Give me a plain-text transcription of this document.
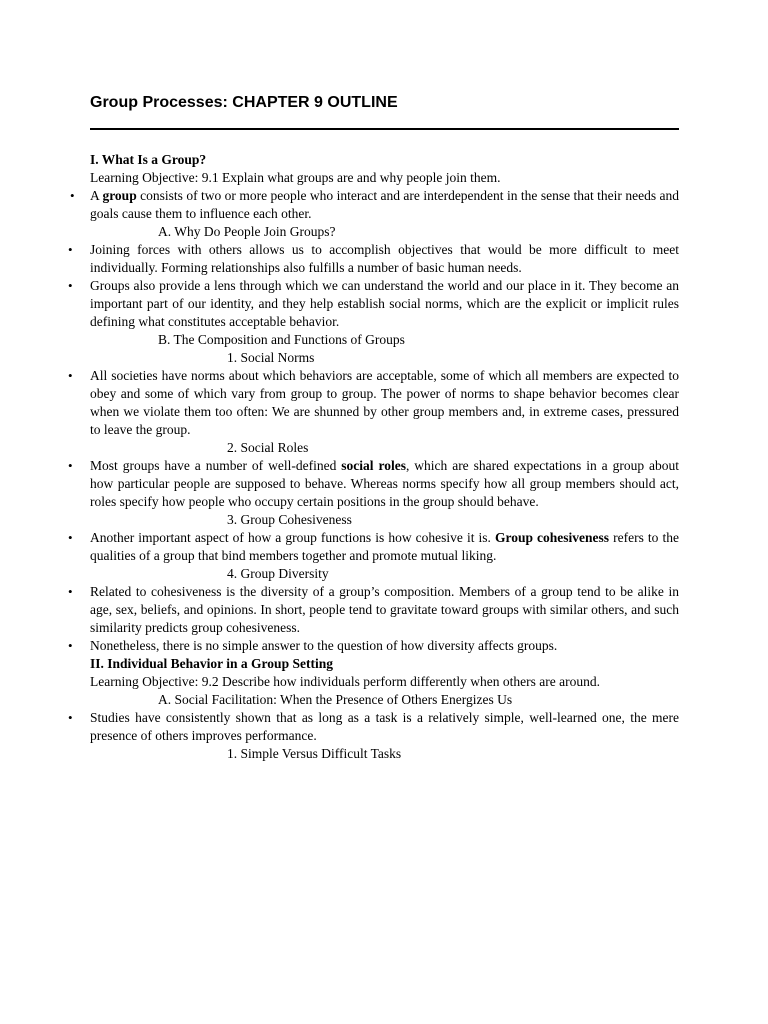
Group Processes: CHAPTER 9 OUTLINE

I. What Is a Group?

Learning Objective: 9.1 Explain what groups are and why people join them.

• A group consists of two or more people who interact and are interdependent in the sense that their needs and goals cause them to influence each other.

A. Why Do People Join Groups?

• Joining forces with others allows us to accomplish objectives that would be more difficult to meet individually. Forming relationships also fulfills a number of basic human needs.

• Groups also provide a lens through which we can understand the world and our place in it. They become an important part of our identity, and they help establish social norms, which are the explicit or implicit rules defining what constitutes acceptable behavior.

B. The Composition and Functions of Groups

1. Social Norms

• All societies have norms about which behaviors are acceptable, some of which all members are expected to obey and some of which vary from group to group. The power of norms to shape behavior becomes clear when we violate them too often: We are shunned by other group members and, in extreme cases, pressured to leave the group.

2. Social Roles

• Most groups have a number of well-defined social roles, which are shared expectations in a group about how particular people are supposed to behave. Whereas norms specify how all group members should act, roles specify how people who occupy certain positions in the group should behave.

3. Group Cohesiveness

• Another important aspect of how a group functions is how cohesive it is. Group cohesiveness refers to the qualities of a group that bind members together and promote mutual liking.

4. Group Diversity

• Related to cohesiveness is the diversity of a group’s composition. Members of a group tend to be alike in age, sex, beliefs, and opinions. In short, people tend to gravitate toward groups with similar others, and such similarity predicts group cohesiveness.

• Nonetheless, there is no simple answer to the question of how diversity affects groups.

II. Individual Behavior in a Group Setting

Learning Objective: 9.2 Describe how individuals perform differently when others are around.

A. Social Facilitation: When the Presence of Others Energizes Us

• Studies have consistently shown that as long as a task is a relatively simple, well-learned one, the mere presence of others improves performance.

1. Simple Versus Difficult Tasks
